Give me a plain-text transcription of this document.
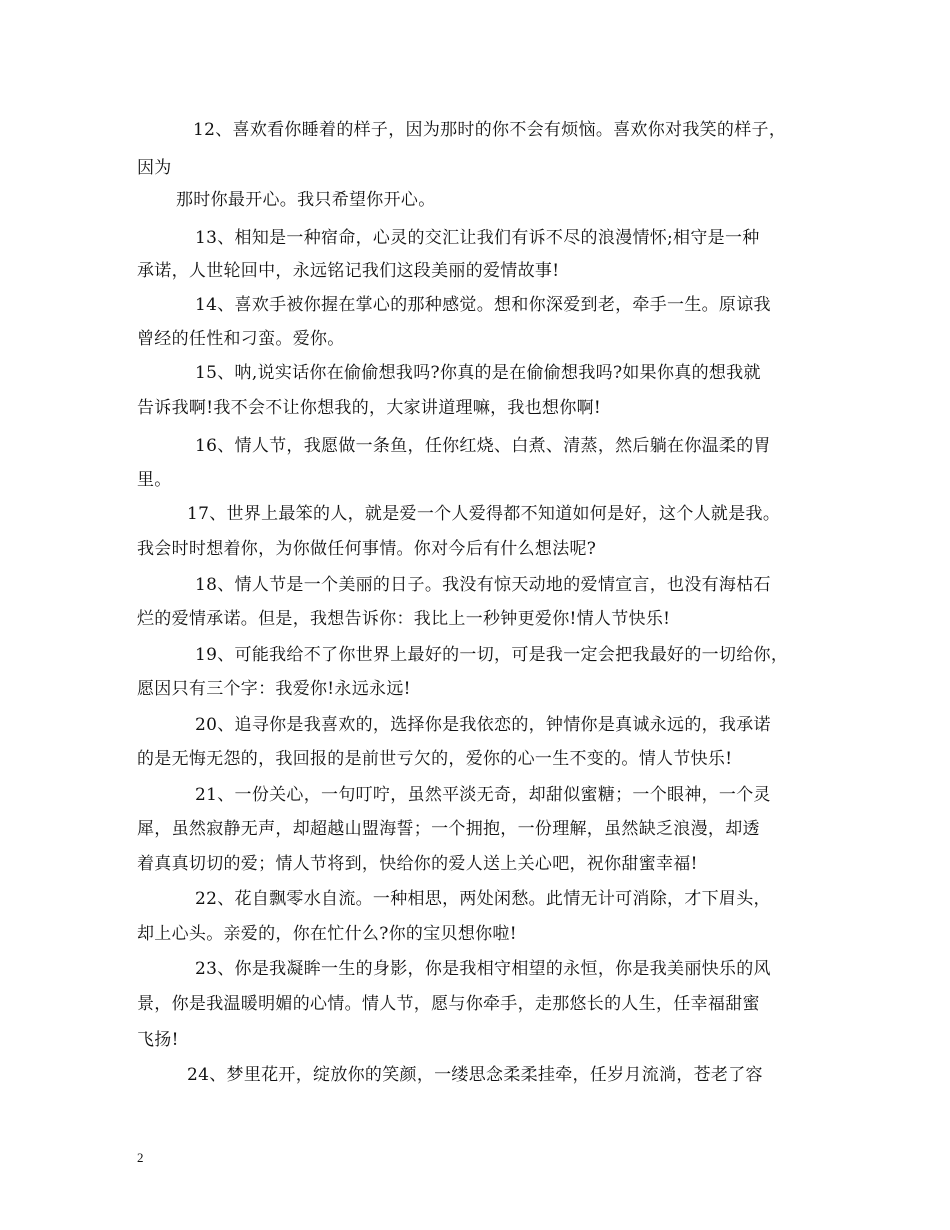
12、喜欢看你睡着的样子，因为那时的你不会有烦恼。喜欢你对我笑的样子，
因为
那时你最开心。我只希望你开心。
13、相知是一种宿命，心灵的交汇让我们有诉不尽的浪漫情怀;相守是一种
承诺，人世轮回中，永远铭记我们这段美丽的爱情故事!
14、喜欢手被你握在掌心的那种感觉。想和你深爱到老，牵手一生。原谅我
曾经的任性和刁蛮。爱你。
15、呐,说实话你在偷偷想我吗?你真的是在偷偷想我吗?如果你真的想我就
告诉我啊!我不会不让你想我的，大家讲道理嘛，我也想你啊!
16、情人节，我愿做一条鱼，任你红烧、白煮、清蒸，然后躺在你温柔的胃
里。
17、世界上最笨的人，就是爱一个人爱得都不知道如何是好，这个人就是我。
我会时时想着你，为你做任何事情。你对今后有什么想法呢?
18、情人节是一个美丽的日子。我没有惊天动地的爱情宣言，也没有海枯石
烂的爱情承诺。但是，我想告诉你：我比上一秒钟更爱你!情人节快乐!
19、可能我给不了你世界上最好的一切，可是我一定会把我最好的一切给你，
愿因只有三个字：我爱你!永远永远!
20、追寻你是我喜欢的，选择你是我依恋的，钟情你是真诚永远的，我承诺
的是无悔无怨的，我回报的是前世亏欠的，爱你的心一生不变的。情人节快乐!
21、一份关心，一句叮咛，虽然平淡无奇，却甜似蜜糖；一个眼神，一个灵
犀，虽然寂静无声，却超越山盟海誓；一个拥抱，一份理解，虽然缺乏浪漫，却透
着真真切切的爱；情人节将到，快给你的爱人送上关心吧，祝你甜蜜幸福!
22、花自飘零水自流。一种相思，两处闲愁。此情无计可消除，才下眉头，
却上心头。亲爱的，你在忙什么?你的宝贝想你啦!
23、你是我凝眸一生的身影，你是我相守相望的永恒，你是我美丽快乐的风
景，你是我温暖明媚的心情。情人节，愿与你牵手，走那悠长的人生，任幸福甜蜜
飞扬!
24、梦里花开，绽放你的笑颜，一缕思念柔柔挂牵，任岁月流淌，苍老了容
2
